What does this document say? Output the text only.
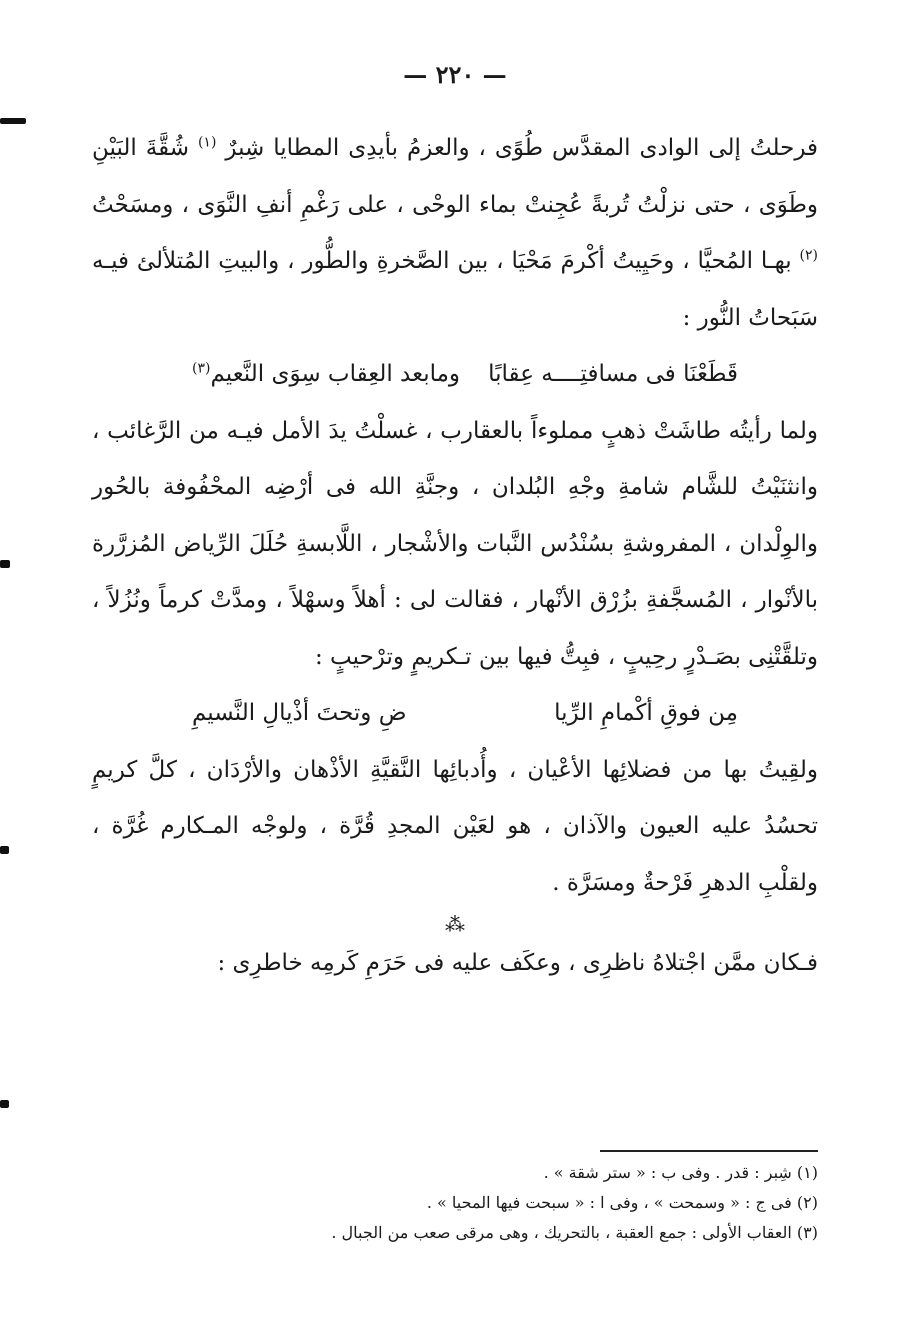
— ٢٢٠ —

فرحلتُ إلى الوادى المقدَّس طُوًى ، والعزمُ بأيدِى المطايا شِبرٌ $^{(١)}$ شُقَّةَ البَيْنِ وطَوَى ، حتى نزلْتُ تُربةً عُجِنتْ بماء الوحْى ، على رَغْمِ أنفِ النَّوَى ، ومسَحْتُ $^{(٢)}$ بهـا المُحيَّا ، وحَيِيتُ أكْرمَ مَحْيَا ، بين الصَّخرةِ والطُّور ، والبيتِ المُتلألئ فيـه سَبَحاتُ النُّور :

قَطَعْنَا فى مسافتِــــه عِقابًا
ومابعد العِقاب سِوَى النَّعيم$^{(٣)}$

ولما رأيتُه طاشَتْ ذهبٍ مملوءاً بالعقارب ، غسلْتُ يدَ الأمل فيـه من الرَّغائب ، وانثنَيْتُ للشَّام شامةِ وجْهِ البُلدان ، وجنَّةِ الله فى أرْضِه المحْفُوفة بالحُور والوِلْدان ، المفروشةِ بسُنْدُس النَّبات والأشْجار ، اللَّابسةِ حُلَلَ الرِّياض المُزرَّرة بالأنْوار ، المُسجَّفةِ بزُرْق الأنْهار ، فقالت لى : أهلاً وسهْلاً ، ومدَّتْ كرماً ونُزُلاً ، وتلقَّتْنِى بصَـدْرٍ رحِيبٍ ، فبِتُّ فيها بين تـكريمٍ وترْحيبٍ :

مِن فوقِ أكْمامِ الرِّيا
ضِ وتحتَ أذْيالِ النَّسيمِ

ولقِيتُ بها من فضلائِها الأعْيان ، وأُدبائِها النَّقيَّةِ الأذْهان والأرْدَان ، كلَّ كريمٍ تحسُدُ عليه العيون والآذان ، هو لعَيْن المجدِ قُرَّة ، ولوجْه المـكارم غُرَّة ، ولقلْبِ الدهرِ فَرْحةٌ ومسَرَّة .

⁂

فـكان ممَّن اجْتلاهُ ناظرِى ، وعكَف عليه فى حَرَمِ كَرمِه خاطرِى :

(١) شِبر : قدر . وفى ب : « ستر شقة » .
(٢) فى ج : « وسمحت » ، وفى ا : « سبحت فيها المحيا » .
(٣) العقاب الأولى : جمع العقبة ، بالتحريك ، وهى مرقى صعب من الجبال .
